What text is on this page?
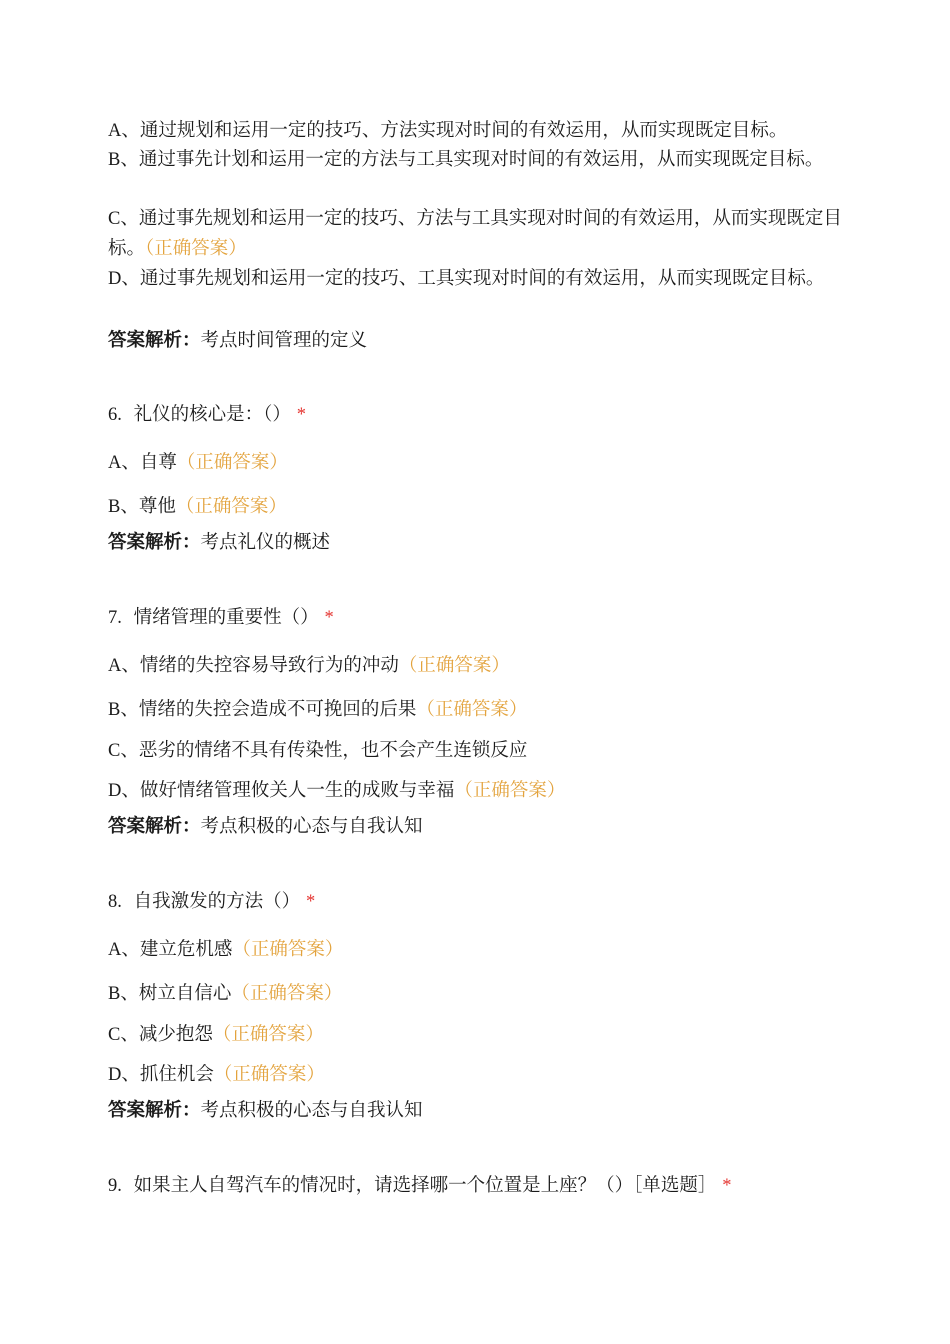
A、通过规划和运用一定的技巧、方法实现对时间的有效运用，从而实现既定目标。
B、通过事先计划和运用一定的方法与工具实现对时间的有效运用，从而实现既定目标。
C、通过事先规划和运用一定的技巧、方法与工具实现对时间的有效运用，从而实现既定目标。（正确答案）
D、通过事先规划和运用一定的技巧、工具实现对时间的有效运用，从而实现既定目标。
答案解析：考点时间管理的定义
6. 礼仪的核心是：（） *
A、自尊（正确答案）
B、尊他（正确答案）
答案解析：考点礼仪的概述
7. 情绪管理的重要性（） *
A、情绪的失控容易导致行为的冲动（正确答案）
B、情绪的失控会造成不可挽回的后果（正确答案）
C、恶劣的情绪不具有传染性，也不会产生连锁反应
D、做好情绪管理攸关人一生的成败与幸福（正确答案）
答案解析：考点积极的心态与自我认知
8. 自我激发的方法（） *
A、建立危机感（正确答案）
B、树立自信心（正确答案）
C、减少抱怨（正确答案）
D、抓住机会（正确答案）
答案解析：考点积极的心态与自我认知
9. 如果主人自驾汽车的情况时，请选择哪一个位置是上座？（）［单选题］ *
